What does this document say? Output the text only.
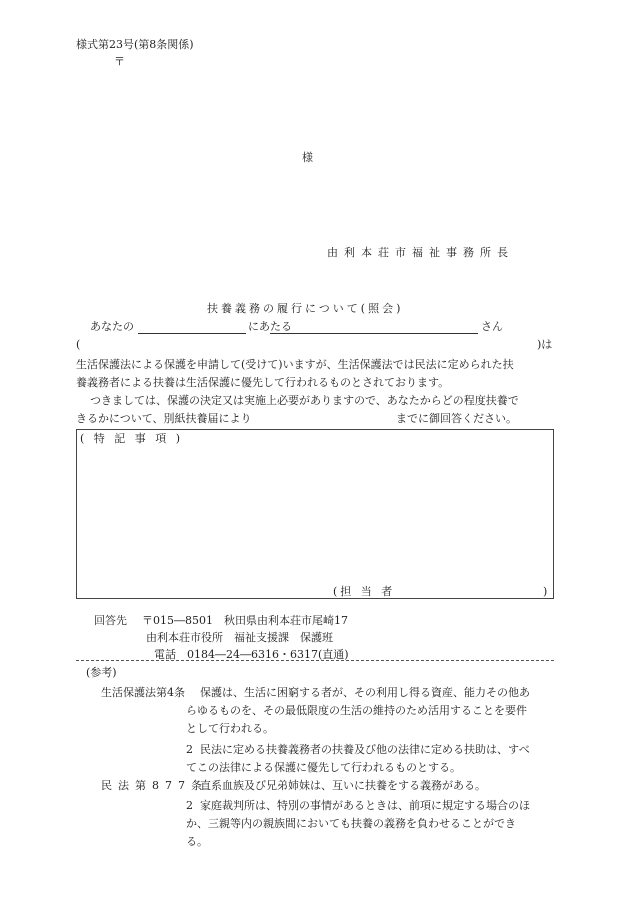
様式第23号(第8条関係)
〒
様
由利本荘市福祉事務所長
扶養義務の履行について(照会)
あなたの	にあたる	さん
(	)は
生活保護法による保護を申請して(受けて)いますが、生活保護法では民法に定められた扶
養義務者による扶養は生活保護に優先して行われるものとされております。
つきましては、保護の決定又は実施上必要がありますので、あなたからどの程度扶養で
きるかについて、別紙扶養届により	までに御回答ください。
( 特 記 事 項 )
(担 当 者	)
回答先 〒015―8501　秋田県由利本荘市尾崎17
由利本荘市役所　福祉支援課　保護班
電話　0184―24―6316・6317(直通)
(参考)
生活保護法第4条 保護は、生活に困窮する者が、その利用し得る資産、能力その他あ
らゆるものを、その最低限度の生活の維持のため活用することを要件
として行われる。
2 民法に定める扶養義務者の扶養及び他の法律に定める扶助は、すべ
てこの法律による保護に優先して行われるものとする。
民法第877条
直系血族及び兄弟姉妹は、互いに扶養をする義務がある。
2 家庭裁判所は、特別の事情があるときは、前項に規定する場合のほ
か、三親等内の親族間においても扶養の義務を負わせることができ
る。
